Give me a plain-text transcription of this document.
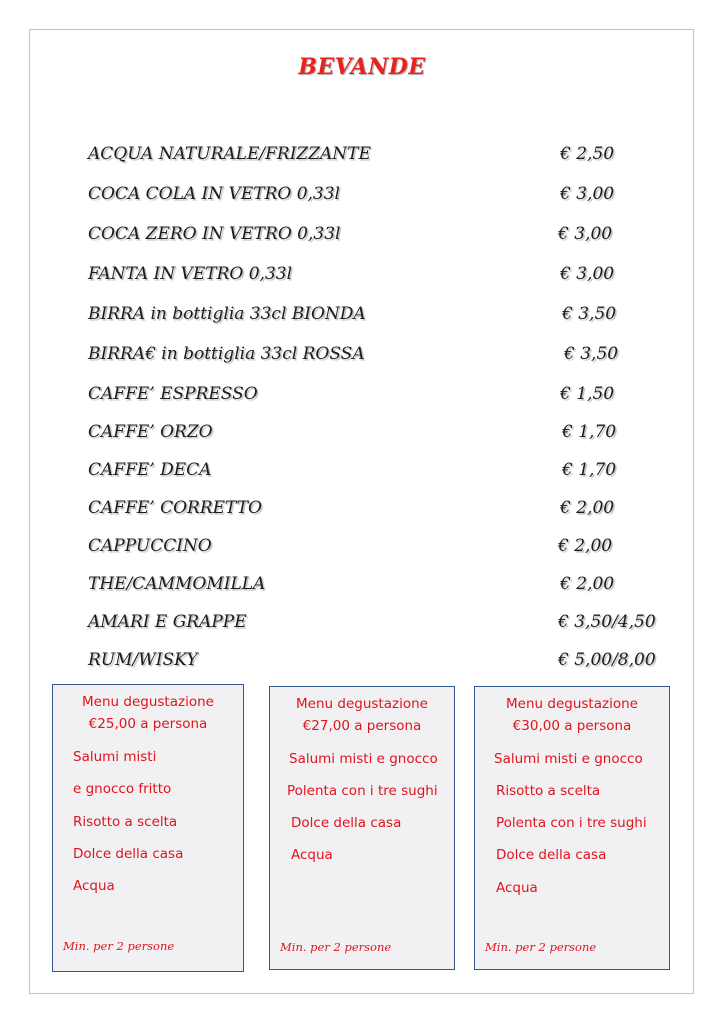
BEVANDE
ACQUA NATURALE/FRIZZANTE	€ 2,50
COCA COLA IN VETRO 0,33l	€ 3,00
COCA ZERO IN VETRO 0,33l	€ 3,00
FANTA IN VETRO 0,33l	€ 3,00
BIRRA in bottiglia 33cl BIONDA	€ 3,50
BIRRA€ in bottiglia 33cl ROSSA	€ 3,50
CAFFE’ ESPRESSO	€ 1,50
CAFFE’ ORZO	€ 1,70
CAFFE’ DECA	€ 1,70
CAFFE’ CORRETTO	€ 2,00
CAPPUCCINO	€ 2,00
THE/CAMMOMILLA	€ 2,00
AMARI E GRAPPE	€ 3,50/4,50
RUM/WISKY	€ 5,00/8,00
Menu degustazione
€25,00 a persona
Salumi misti
e gnocco fritto
Risotto a scelta
Dolce della casa
Acqua
Min. per 2 persone
Menu degustazione
€27,00 a persona
Salumi misti e gnocco
Polenta con i tre sughi
Dolce della casa
Acqua
Min. per 2 persone
Menu degustazione
€30,00 a persona
Salumi misti e gnocco
Risotto a scelta
Polenta con i tre sughi
Dolce della casa
Acqua
Min. per 2 persone
